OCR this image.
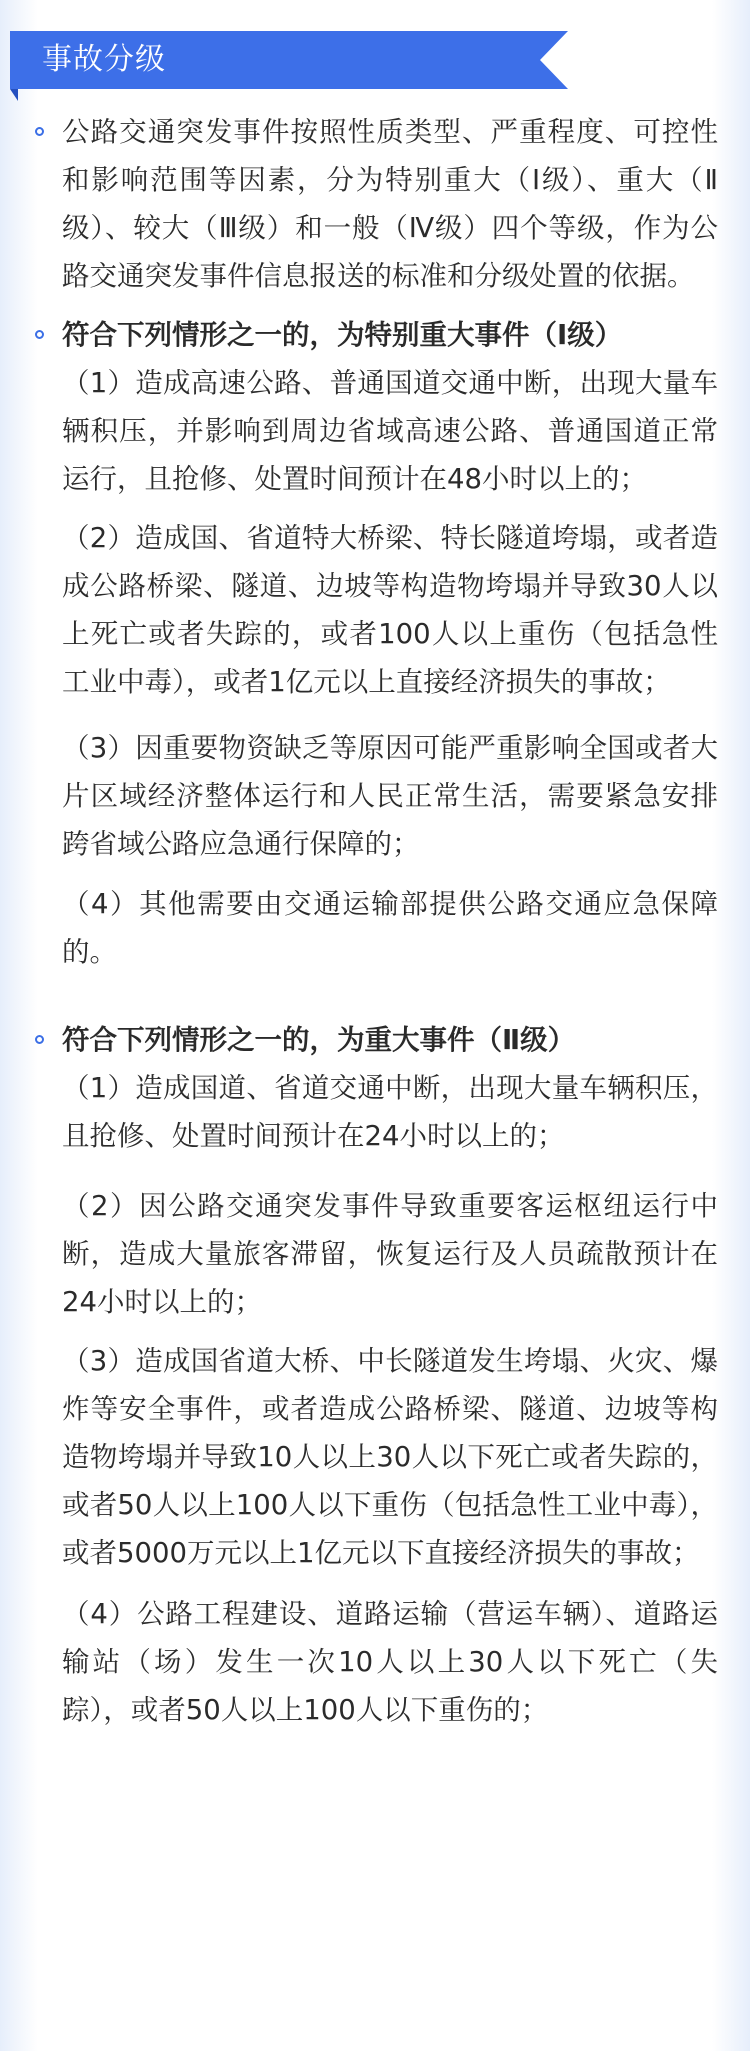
事故分级

公路交通突发事件按照性质类型、严重程度、可控性和影响范围等因素，分为特别重大（Ⅰ级）、重大（Ⅱ级）、较大（Ⅲ级）和一般（Ⅳ级）四个等级，作为公路交通突发事件信息报送的标准和分级处置的依据。

符合下列情形之一的，为特别重大事件（Ⅰ级）

（1）造成高速公路、普通国道交通中断，出现大量车辆积压，并影响到周边省域高速公路、普通国道正常运行，且抢修、处置时间预计在48小时以上的；

（2）造成国、省道特大桥梁、特长隧道垮塌，或者造成公路桥梁、隧道、边坡等构造物垮塌并导致30人以上死亡或者失踪的，或者100人以上重伤（包括急性工业中毒），或者1亿元以上直接经济损失的事故；

（3）因重要物资缺乏等原因可能严重影响全国或者大片区域经济整体运行和人民正常生活，需要紧急安排跨省域公路应急通行保障的；

（4）其他需要由交通运输部提供公路交通应急保障的。

符合下列情形之一的，为重大事件（Ⅱ级）

（1）造成国道、省道交通中断，出现大量车辆积压，且抢修、处置时间预计在24小时以上的；

（2）因公路交通突发事件导致重要客运枢纽运行中断，造成大量旅客滞留，恢复运行及人员疏散预计在24小时以上的；

（3）造成国省道大桥、中长隧道发生垮塌、火灾、爆炸等安全事件，或者造成公路桥梁、隧道、边坡等构造物垮塌并导致10人以上30人以下死亡或者失踪的，或者50人以上100人以下重伤（包括急性工业中毒），或者5000万元以上1亿元以下直接经济损失的事故；

（4）公路工程建设、道路运输（营运车辆）、道路运输站（场）发生一次10人以上30人以下死亡（失踪），或者50人以上100人以下重伤的；
